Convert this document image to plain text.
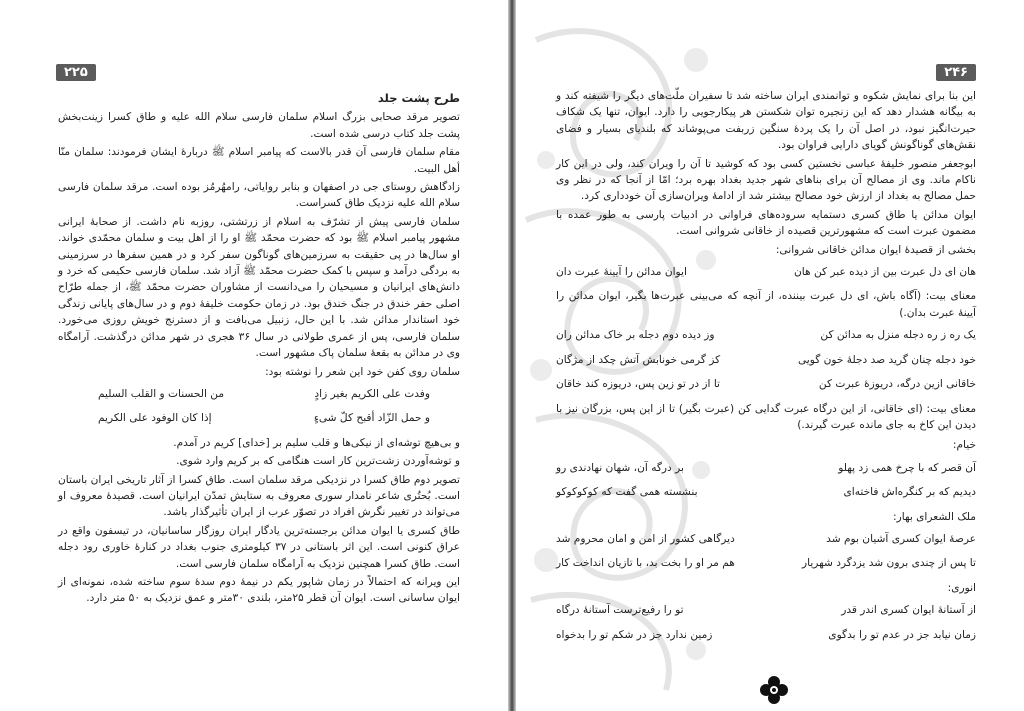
۲۲۵
طرح پشت جلد

تصویر مرقد صحابی بزرگ اسلام سلمان فارسی سلام الله علیه و طاق کسرا زینت‌بخش پشت جلد کتاب درسی شده است.

مقام سلمان فارسی آن قدر بالاست که پیامبر اسلام ﷺ دربارهٔ ایشان فرمودند: سلمان منّا أهل البیت.

زادگاهش روستای جی در اصفهان و بنابر روایاتی، رامهُرمُز بوده است. مرقد سلمان فارسی سلام الله علیه نزدیک طاق کسراست.

سلمان فارسی پیش از تشرّف به اسلام از زرتشتی، روزبه نام داشت. از صحابهٔ ایرانی مشهور پیامبر اسلام ﷺ بود که حضرت محمّد ﷺ او را از اهل بیت و سلمان محمّدی خواند. او سال‌ها در پی حقیقت به سرزمین‌های گوناگون سفر کرد و در همین سفرها در سرزمینی به بردگی درآمد و سپس با کمک حضرت محمّد ﷺ آزاد شد. سلمان فارسی حکیمی که خرد و دانش‌های ایرانیان و مسیحیان را می‌دانست از مشاوران حضرت محمّد ﷺ، از جمله طرّاح اصلی حفر خندق در جنگ خندق بود. در زمان حکومت خلیفهٔ دوم و در سال‌های پایانی زندگی خود استاندار مدائن شد. با این حال، زنبیل می‌بافت و از دسترنج خویش روزی می‌خورد. سلمان فارسی، پس از عمری طولانی در سال ۳۶ هجری در شهر مدائن درگذشت. آرامگاه وی در مدائن به بقعهٔ سلمان پاک مشهور است.

سلمان روی کفن خود این شعر را نوشته بود:

وفدت علی الکریم بغیر زادٍ
من الحسنات و القلب السلیم
و حمل الزّاد أقبح کلّ شیءٍ
إذا کان الوفود علی الکریم

و بی‌هیچ توشه‌ای از نیکی‌ها و قلب سلیم بر [خدای] کریم در آمدم.

و توشه‌آوردن زشت‌ترین کار است هنگامی که بر کریم وارد شوی.

تصویر دوم طاق کسرا در نزدیکی مرقد سلمان است. طاق کسرا از آثار تاریخی ایران باستان است. بُحتُری شاعر نامدار سوری معروف به ستایش تمدّن ایرانیان است. قصیدهٔ معروف او می‌تواند در تغییر نگرش افراد در تصوّر عرب از ایران تأثیرگذار باشد.

طاق کسری یا ایوان مدائن برجسته‌ترین یادگار ایران روزگار ساسانیان، در تیسفون واقع در عراق کنونی است. این اثر باستانی در ۳۷ کیلومتری جنوب بغداد در کنارهٔ خاوری رود دجله است. طاق کسرا همچنین نزدیک به آرامگاه سلمان فارسی است.

این ویرانه که احتمالاً در زمان شاپور یکم در نیمهٔ دوم سدهٔ سوم ساخته شده، نمونه‌ای از ایوان ساسانی است. ایوان آن قطر ۲۵متر، بلندی ۳۰متر و عمق نزدیک به ۵۰ متر دارد.

۲۴۶

این بنا برای نمایش شکوه و توانمندی ایران ساخته شد تا سفیران ملّت‌های دیگر را شیفته کند و به بیگانه هشدار دهد که این زنجیره توان شکستن هر پیکارجویی را دارد. ایوان، تنها یک شکاف حیرت‌انگیز نبود، در اصل آن را یک پردهٔ سنگین زربفت می‌پوشاند که بلندیای بسیار و فضای نقش‌های گوناگونش گویای دارایی فراوان بود.

ابوجعفر منصور خلیفهٔ عباسی نخستین کسی بود که کوشید تا آن را ویران کند، ولی در این کار ناکام ماند. وی از مصالح آن برای بناهای شهر جدید بغداد بهره برد؛ امّا از آنجا که در نظر وی حمل مصالح به بغداد از ارزش خود مصالح بیشتر شد از ادامهٔ ویران‌سازی آن خودداری کرد.

ایوان مدائن یا طاق کسری دستمایه سروده‌های فراوانی در ادبیات پارسی به طور عمده با مضمون عبرت است که مشهورترین قصیده از خاقانی شروانی است.

بخشی از قصیدهٔ ایوان مدائن خاقانی شروانی:

هان ای دل عبرت بین از دیده عبر کن هان
ایوان مدائن را آیینهٔ عبرت دان

معنای بیت: (آگاه باش، ای دل عبرت بیننده، از آنچه که می‌بینی عبرت‌ها بگیر، ایوان مدائن را آیینهٔ عبرت بدان.)

یک ره ز ره دجله منزل به مدائن کن
وز دیده دوم دجله بر خاک مدائن ران
خود دجله چنان گرید صد دجلهٔ خون گویی
کز گرمی خونابش آتش چکد از مژگان
خاقانی ازین درگه، دریوزهٔ عبرت کن
تا از در تو زین پس، دریوزه کند خاقان

معنای بیت: (ای خاقانی، از این درگاه عبرت گدایی کن (عبرت بگیر) تا از این پس، بزرگان نیز با دیدن این کاخ به جای مانده عبرت گیرند.)

خیام:
آن قصر که با چرخ همی زد پهلو
بر درگه آن، شهان نهادندی رو
دیدیم که بر کنگره‌اش فاخته‌ای
بنشسته همی گفت که کوکوکوکو
ملک الشعرای بهار:
عرصهٔ ایوان کسری آشیان بوم شد
دیرگاهی کشور از امن و امان محروم شد
تا پس از چندی برون شد یزدگرد شهریار
هم مر او را بخت بد، با تازیان انداخت کار
انوری:
از آستانهٔ ایوان کسری اندر قدر
تو را رفیع‌ترست آستانهٔ درگاه
زمان نیابد جز در عدم تو را بدگوی
زمین ندارد جز در شکم تو را بدخواه
